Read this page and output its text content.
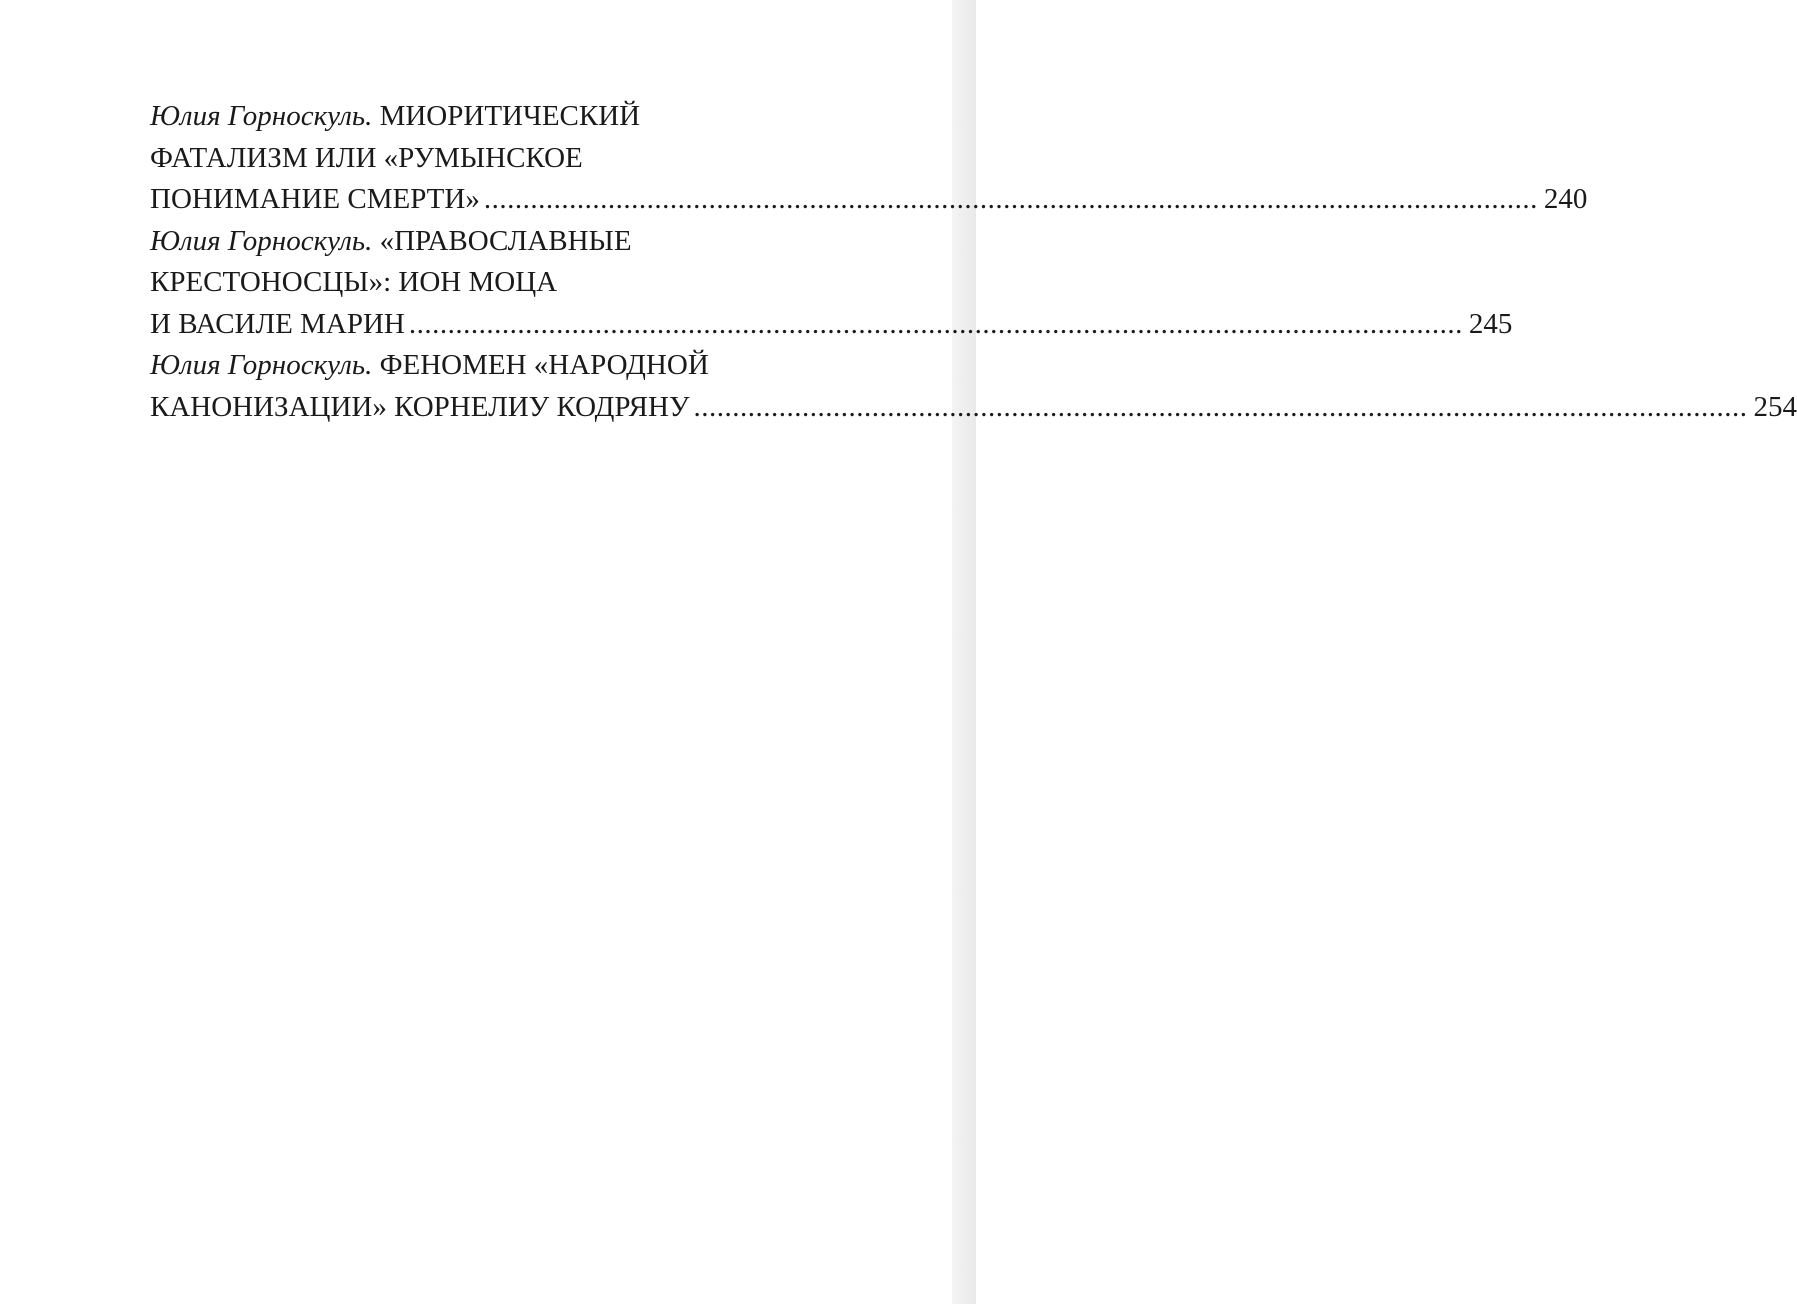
Юлия Горноскуль. МИОРИТИЧЕСКИЙ
ФАТАЛИЗМ ИЛИ «РУМЫНСКОЕ
ПОНИМАНИЕ СМЕРТИ» ........................................................................................................................................ 240
Юлия Горноскуль. «ПРАВОСЛАВНЫЕ
КРЕСТОНОСЦЫ»: ИОН МОЦА
И ВАСИЛЕ МАРИН ........................................................................................................................................ 245
Юлия Горноскуль. ФЕНОМЕН «НАРОДНОЙ
КАНОНИЗАЦИИ» КОРНЕЛИУ КОДРЯНУ ........................................................................................................................................ 254
